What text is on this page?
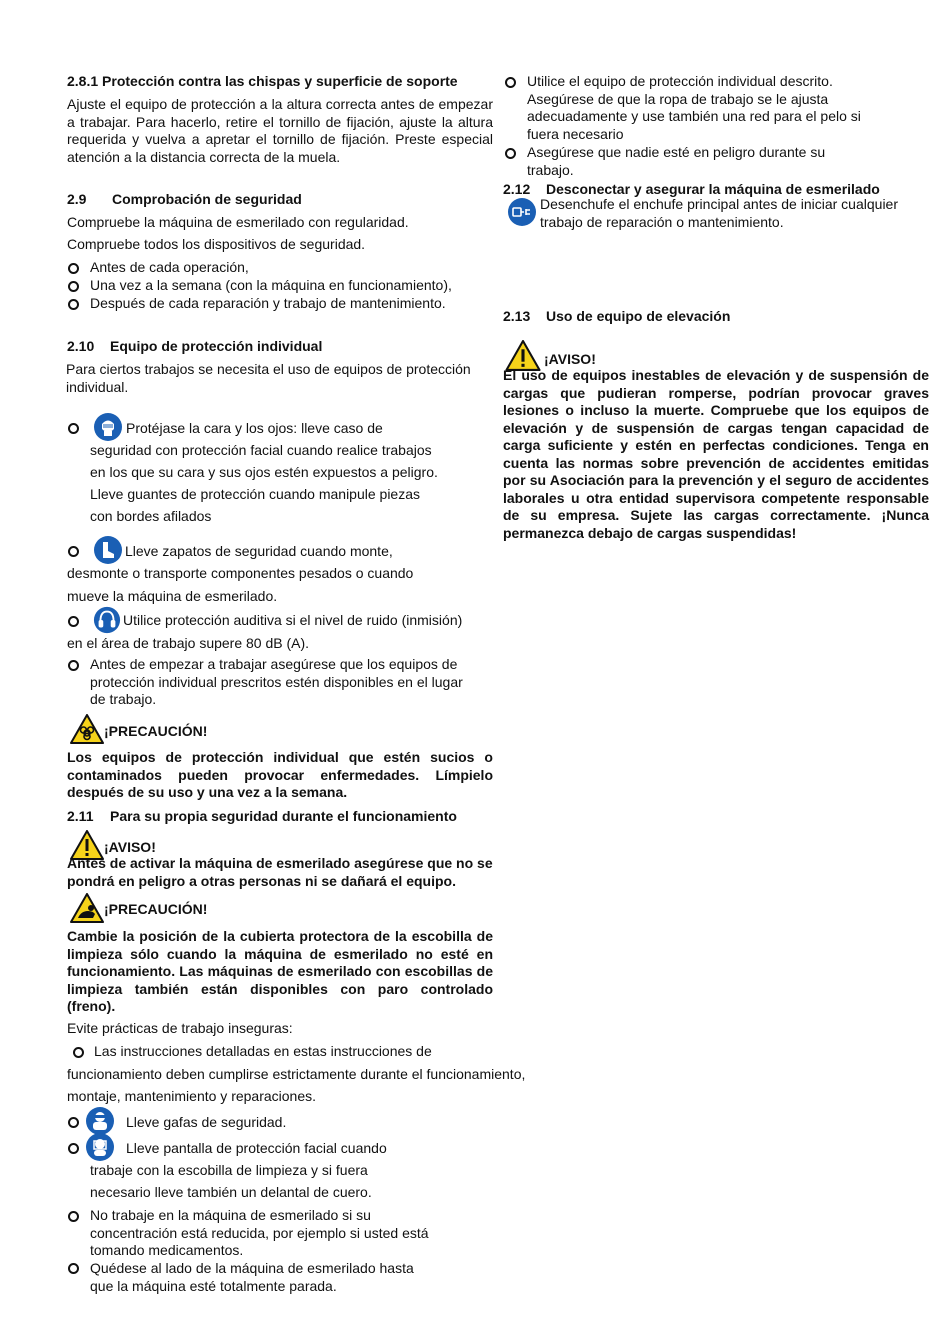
2.8.1 Protección contra las chispas y superficie de soporte
Ajuste el equipo de protección a la altura correcta antes de empezar a trabajar. Para hacerlo, retire el tornillo de fijación, ajuste la altura requerida y vuelva a apretar el tornillo de fijación. Preste especial atención a la distancia correcta de la muela.
2.9 Comprobación de seguridad
Compruebe la máquina de esmerilado con regularidad.
Compruebe todos los dispositivos de seguridad.
Antes de cada operación,
Una vez a la semana (con la máquina en funcionamiento),
Después de cada reparación y trabajo de mantenimiento.
2.10 Equipo de protección individual
Para ciertos trabajos se necesita el uso de equipos de protección individual.
Protéjase la cara y los ojos: lleve caso de
seguridad con protección facial cuando realice trabajos
en los que su cara y sus ojos estén expuestos a peligro.
Lleve guantes de protección cuando manipule piezas
con bordes afilados
Lleve zapatos de seguridad cuando monte,
desmonte o transporte componentes pesados o cuando
mueve la máquina de esmerilado.
Utilice protección auditiva si el nivel de ruido (inmisión)
en el área de trabajo supere 80 dB (A).
Antes de empezar a trabajar asegúrese que los equipos de protección individual prescritos estén disponibles en el lugar de trabajo.
¡PRECAUCIÓN!
Los equipos de protección individual que estén sucios o contaminados pueden provocar enfermedades. Límpielo después de su uso y una vez a la semana.
2.11 Para su propia seguridad durante el funcionamiento
¡AVISO!
Antes de activar la máquina de esmerilado asegúrese que no se
pondrá en peligro a otras personas ni se dañará el equipo.
¡PRECAUCIÓN!
Cambie la posición de la cubierta protectora de la escobilla de limpieza sólo cuando la máquina de esmerilado no esté en funcionamiento. Las máquinas de esmerilado con escobillas de limpieza también están disponibles con paro controlado (freno).
Evite prácticas de trabajo inseguras:
Las instrucciones detalladas en estas instrucciones de
funcionamiento deben cumplirse estrictamente durante el funcionamiento,
montaje, mantenimiento y reparaciones.
Lleve gafas de seguridad.
Lleve pantalla de protección facial cuando
trabaje con la escobilla de limpieza y si fuera
necesario lleve también un delantal de cuero.
No trabaje en la máquina de esmerilado si su concentración está reducida, por ejemplo si usted está tomando medicamentos.
Quédese al lado de la máquina de esmerilado hasta que la máquina esté totalmente parada.
Utilice el equipo de protección individual descrito. Asegúrese de que la ropa de trabajo se le ajusta adecuadamente y use también una red para el pelo si fuera necesario
Asegúrese que nadie esté en peligro durante su trabajo.
2.12 Desconectar y asegurar la máquina de esmerilado
Desenchufe el enchufe principal antes de iniciar cualquier trabajo de reparación o mantenimiento.
2.13 Uso de equipo de elevación
¡AVISO!
El uso de equipos inestables de elevación y de suspensión de cargas que pudieran romperse, podrían provocar graves lesiones o incluso la muerte. Compruebe que los equipos de elevación y de suspensión de cargas tengan capacidad de carga suficiente y estén en perfectas condiciones. Tenga en cuenta las normas sobre prevención de accidentes emitidas por su Asociación para la prevención y el seguro de accidentes laborales u otra entidad supervisora competente responsable de su empresa. Sujete las cargas correctamente. ¡Nunca permanezca debajo de cargas suspendidas!
